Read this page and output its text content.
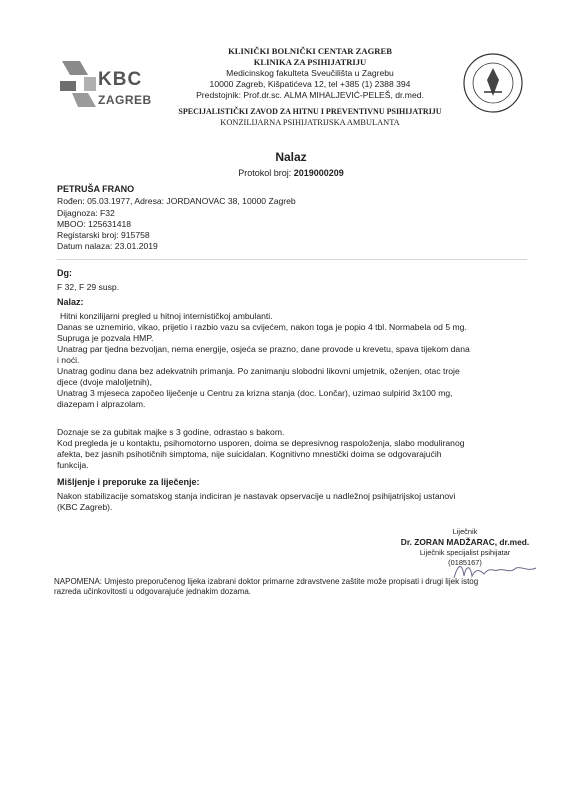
KBC
ZAGREB
KLINIČKI BOLNIČKI CENTAR ZAGREB
KLINIKA ZA PSIHIJATRIJU
Medicinskog fakulteta Sveučilišta u Zagrebu
10000 Zagreb, Kišpatićeva 12, tel +385 (1) 2388 394
Predstojnik: Prof.dr.sc. ALMA MIHALJEVIĆ-PELEŠ, dr.med.
SPECIJALISTIČKI ZAVOD ZA HITNU I PREVENTIVNU PSIHIJATRIJU
KONZILIJARNA PSIHIJATRIJSKA AMBULANTA
Nalaz
Protokol broj: 2019000209
PETRUŠA FRANO
Rođen: 05.03.1977, Adresa: JORDANOVAC 38, 10000 Zagreb
Dijagnoza: F32
MBOO: 125631418
Registarski broj: 915758
Datum nalaza: 23.01.2019
Dg:
F 32, F 29 susp.
Nalaz:
Hitni konzilijarni pregled u hitnoj internističkoj ambulanti.
Danas se uznemirio, vikao, prijetio i razbio vazu sa cvijećem, nakon toga je popio 4 tbl. Normabela od 5 mg.
Supruga je pozvala HMP.
Unatrag par tjedna bezvoljan, nema energije, osjeća se prazno, dane provode u krevetu, spava tijekom dana
i noći.
Unatrag godinu dana bez adekvatnih primanja. Po zanimanju slobodni likovni umjetnik, oženjen, otac troje
djece (dvoje maloljetnih),
Unatrag 3 mjeseca započeo liječenje u Centru za krizna stanja (doc. Lončar), uzimao sulpirid 3x100 mg,
diazepam i alprazolam.
Doznaje se za gubitak majke s 3 godine, odrastao s bakom.
Kod pregleda je u kontaktu, psihomotorno usporen, doima se depresivnog raspoloženja, slabo moduliranog
afekta, bez jasnih psihotičnih simptoma, nije suicidalan. Kognitivno mnestički doima se odgovarajućih
funkcija.
Mišljenje i preporuke za liječenje:
Nakon stabilizacije somatskog stanja indiciran je nastavak opservacije u nadležnoj psihijatrijskoj ustanovi
(KBC Zagreb).
Liječnik
Dr. ZORAN MADŽARAC, dr.med.
Liječnik specijalist psihijatar
(0185167)
NAPOMENA: Umjesto preporučenog lijeka izabrani doktor primarne zdravstvene zaštite može propisati i drugi lijek istog
razreda učinkovitosti u odgovarajuće jednakim dozama.
